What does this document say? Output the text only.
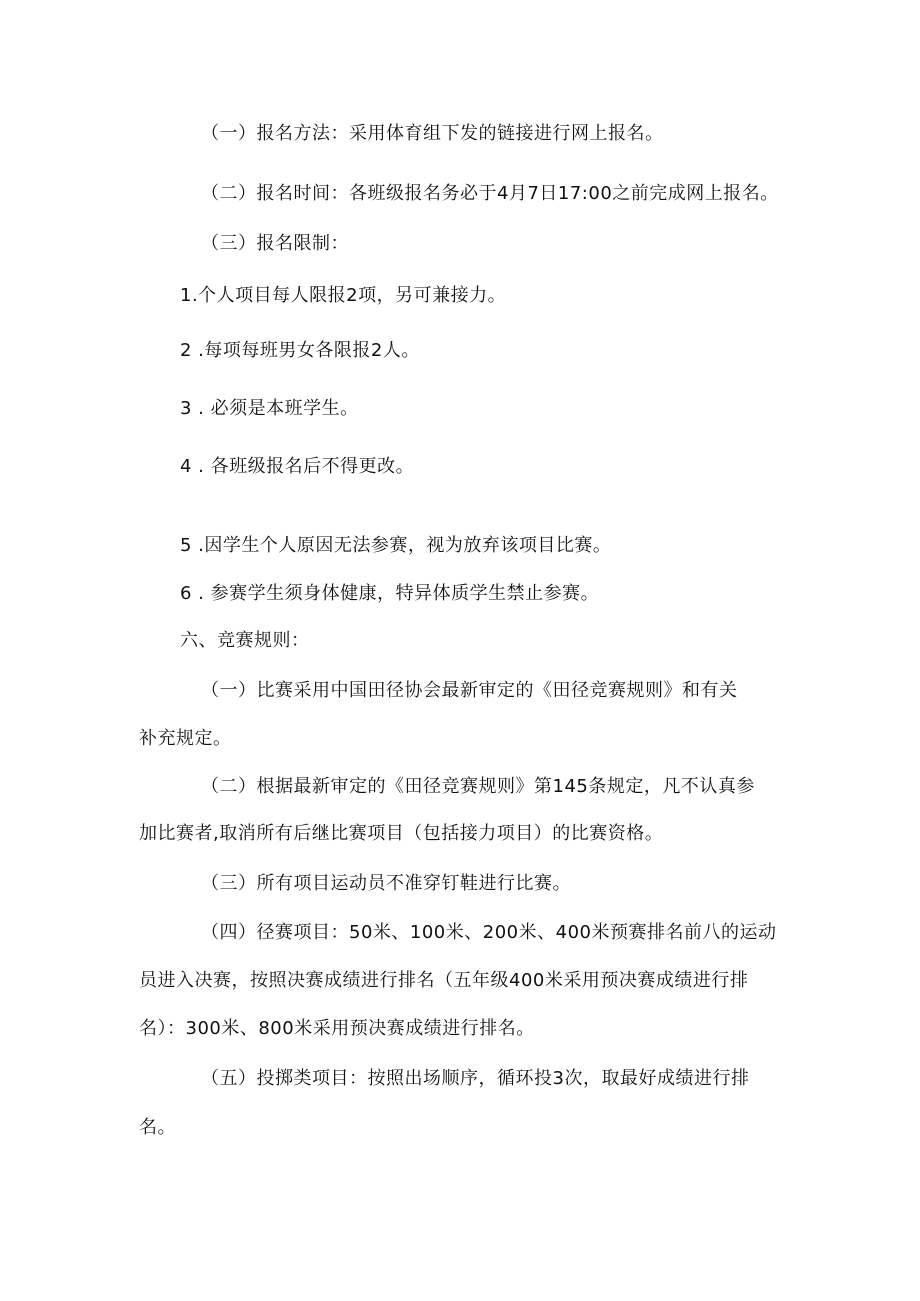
（一）报名方法：采用体育组下发的链接进行网上报名。
（二）报名时间：各班级报名务必于4月7日17:00之前完成网上报名。
（三）报名限制：
1.个人项目每人限报2项，另可兼接力。
2 .每项每班男女各限报2人。
3 . 必须是本班学生。
4 . 各班级报名后不得更改。
5 .因学生个人原因无法参赛，视为放弃该项目比赛。
6 . 参赛学生须身体健康，特异体质学生禁止参赛。
六、竞赛规则：
（一）比赛采用中国田径协会最新审定的《田径竞赛规则》和有关
补充规定。
（二）根据最新审定的《田径竞赛规则》第145条规定，凡不认真参
加比赛者,取消所有后继比赛项目（包括接力项目）的比赛资格。
（三）所有项目运动员不准穿钉鞋进行比赛。
（四）径赛项目：50米、100米、200米、400米预赛排名前八的运动
员进入决赛，按照决赛成绩进行排名（五年级400米采用预决赛成绩进行排
名）：300米、800米采用预决赛成绩进行排名。
（五）投掷类项目：按照出场顺序，循环投3次，取最好成绩进行排
名。
